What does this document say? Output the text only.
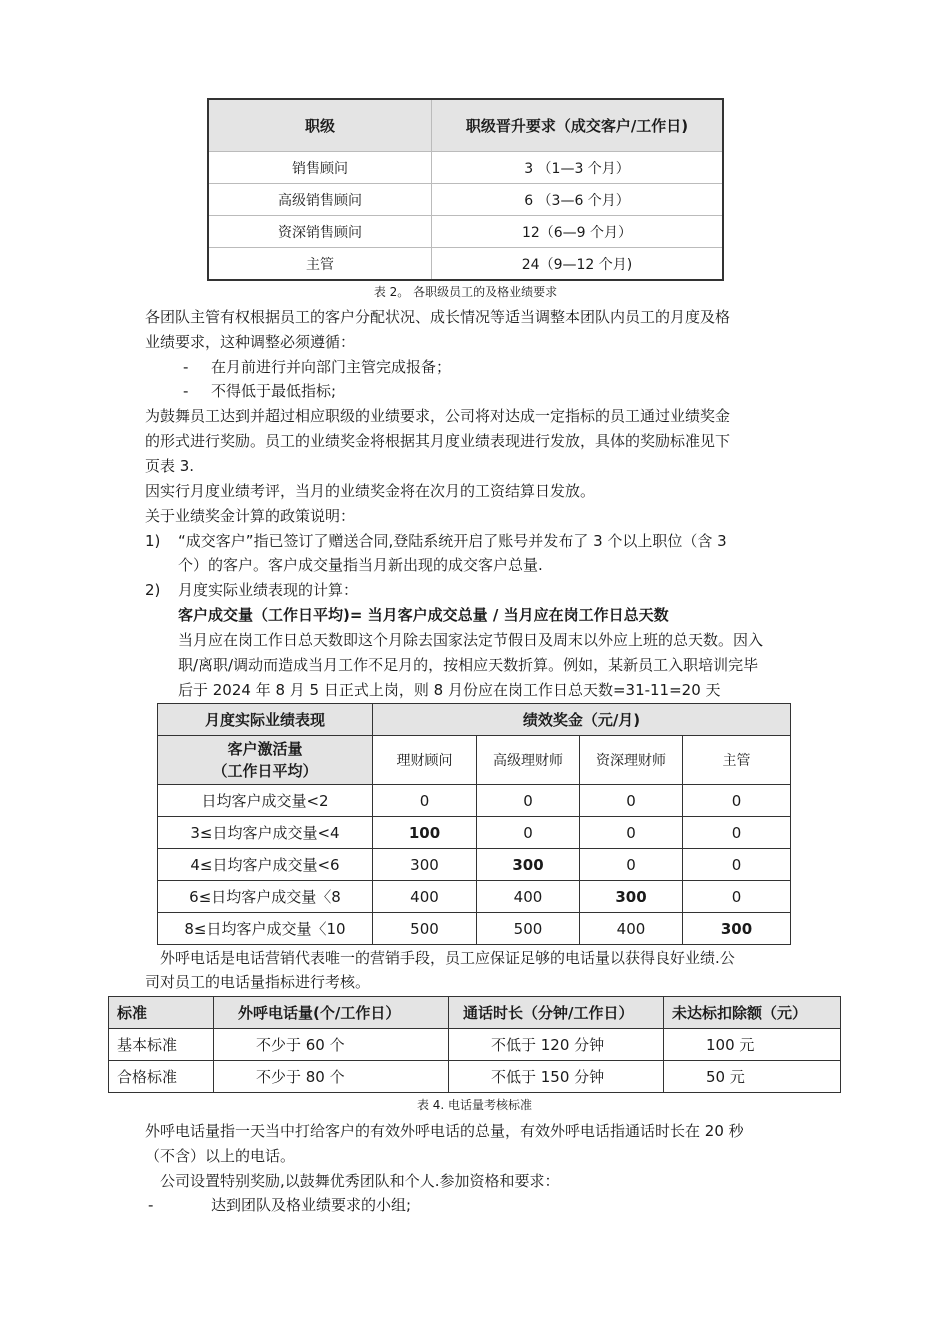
职级	职级晋升要求（成交客户/工作日)
销售顾问	3 （1—3 个月）
高级销售顾问	6 （3—6 个月）
资深销售顾问	12（6—9 个月）
主管	24（9—12 个月)
表 2。 各职级员工的及格业绩要求
各团队主管有权根据员工的客户分配状况、成长情况等适当调整本团队内员工的月度及格
业绩要求，这种调整必须遵循：
- 在月前进行并向部门主管完成报备；
- 不得低于最低指标;
为鼓舞员工达到并超过相应职级的业绩要求，公司将对达成一定指标的员工通过业绩奖金
的形式进行奖励。员工的业绩奖金将根据其月度业绩表现进行发放，具体的奖励标准见下
页表 3.
因实行月度业绩考评，当月的业绩奖金将在次月的工资结算日发放。
关于业绩奖金计算的政策说明：
1) “成交客户”指已签订了赠送合同,登陆系统开启了账号并发布了 3 个以上职位（含 3
个）的客户。客户成交量指当月新出现的成交客户总量.
2) 月度实际业绩表现的计算：
客户成交量（工作日平均)= 当月客户成交总量 / 当月应在岗工作日总天数
当月应在岗工作日总天数即这个月除去国家法定节假日及周末以外应上班的总天数。因入
职/离职/调动而造成当月工作不足月的，按相应天数折算。例如，某新员工入职培训完毕
后于 2024 年 8 月 5 日正式上岗，则 8 月份应在岗工作日总天数=31-11=20 天
月度实际业绩表现	绩效奖金（元/月)			
客户激活量
（工作日平均）	理财顾问	高级理财师	资深理财师	主管
日均客户成交量<2	0	0	0	0
3≤日均客户成交量<4	100	0	0	0
4≤日均客户成交量<6	300	300	0	0
6≤日均客户成交量〈8	400	400	300	0
8≤日均客户成交量〈10	500	500	400	300
外呼电话是电话营销代表唯一的营销手段，员工应保证足够的电话量以获得良好业绩.公
司对员工的电话量指标进行考核。
标准	外呼电话量(个/工作日）	通话时长（分钟/工作日）	未达标扣除额（元）
基本标准	不少于 60 个	不低于 120 分钟	100 元
合格标准	不少于 80 个	不低于 150 分钟	50 元
表 4. 电话量考核标准
外呼电话量指一天当中打给客户的有效外呼电话的总量，有效外呼电话指通话时长在 20 秒
（不含）以上的电话。
公司设置特别奖励,以鼓舞优秀团队和个人.参加资格和要求：
-	达到团队及格业绩要求的小组;
